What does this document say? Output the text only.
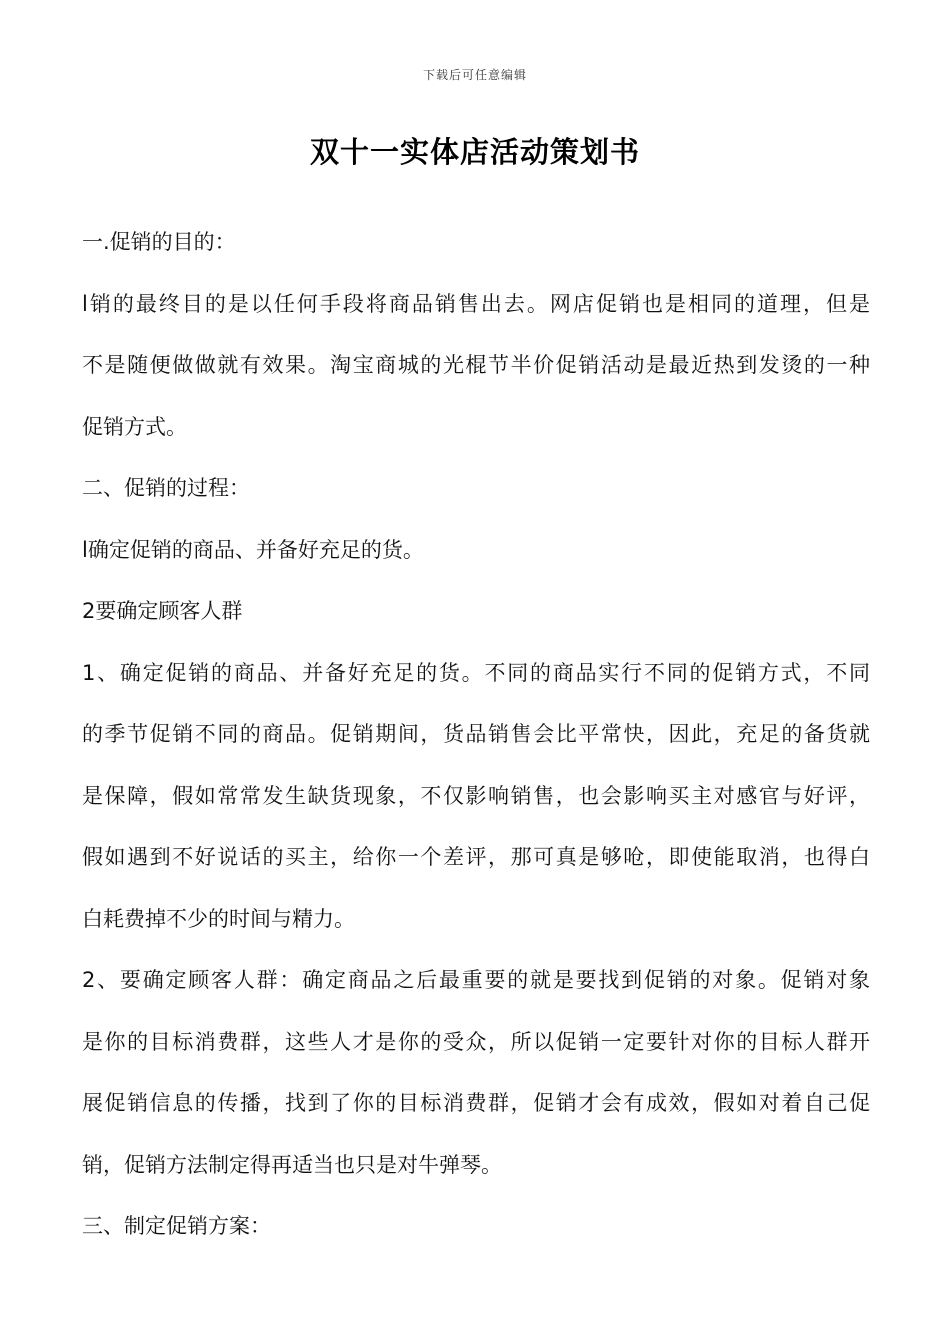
下载后可任意编辑
双十一实体店活动策划书
一.促销的目的：
l销的最终目的是以任何手段将商品销售出去。网店促销也是相同的道理，但是
不是随便做做就有效果。淘宝商城的光棍节半价促销活动是最近热到发烫的一种
促销方式。
二、促销的过程：
l确定促销的商品、并备好充足的货。
2要确定顾客人群
1、确定促销的商品、并备好充足的货。不同的商品实行不同的促销方式，不同
的季节促销不同的商品。促销期间，货品销售会比平常快，因此，充足的备货就
是保障，假如常常发生缺货现象，不仅影响销售，也会影响买主对感官与好评，
假如遇到不好说话的买主，给你一个差评，那可真是够呛，即使能取消，也得白
白耗费掉不少的时间与精力。
2、要确定顾客人群：确定商品之后最重要的就是要找到促销的对象。促销对象
是你的目标消费群，这些人才是你的受众，所以促销一定要针对你的目标人群开
展促销信息的传播，找到了你的目标消费群，促销才会有成效，假如对着自己促
销，促销方法制定得再适当也只是对牛弹琴。
三、制定促销方案：
